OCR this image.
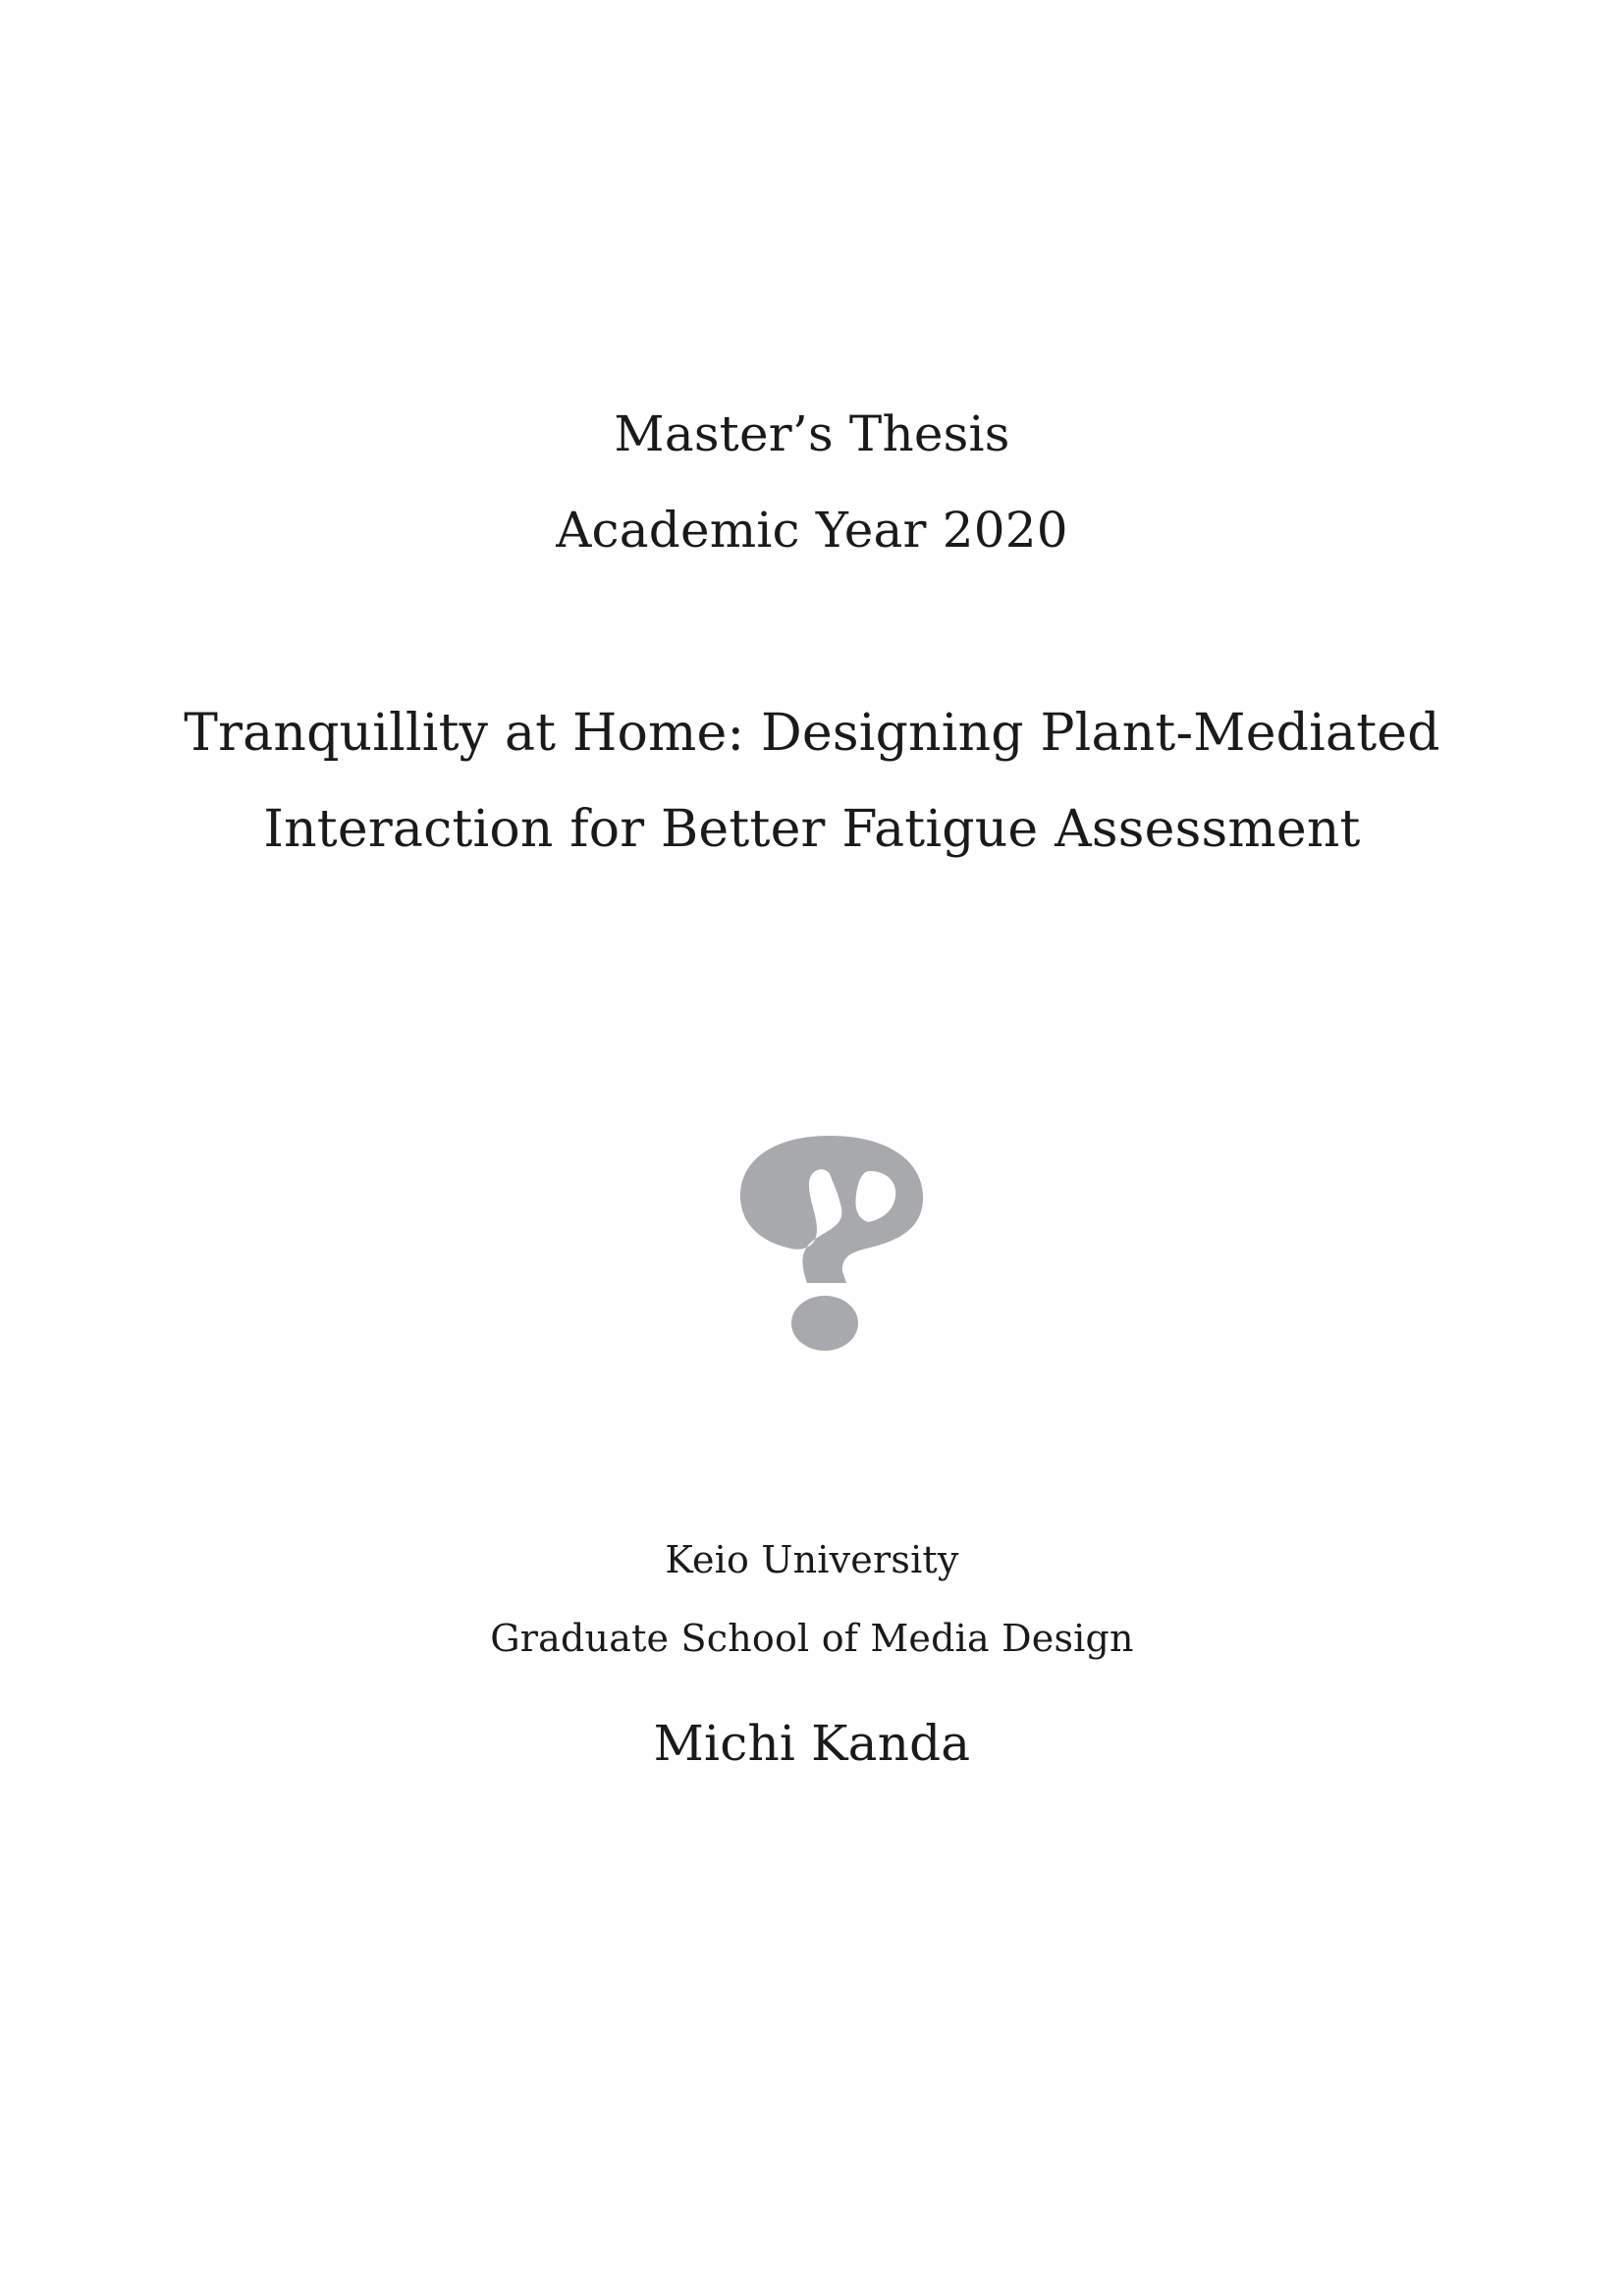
Master’s Thesis
Academic Year 2020
Tranquillity at Home: Designing Plant-Mediated
Interaction for Better Fatigue Assessment
Keio University
Graduate School of Media Design
Michi Kanda
